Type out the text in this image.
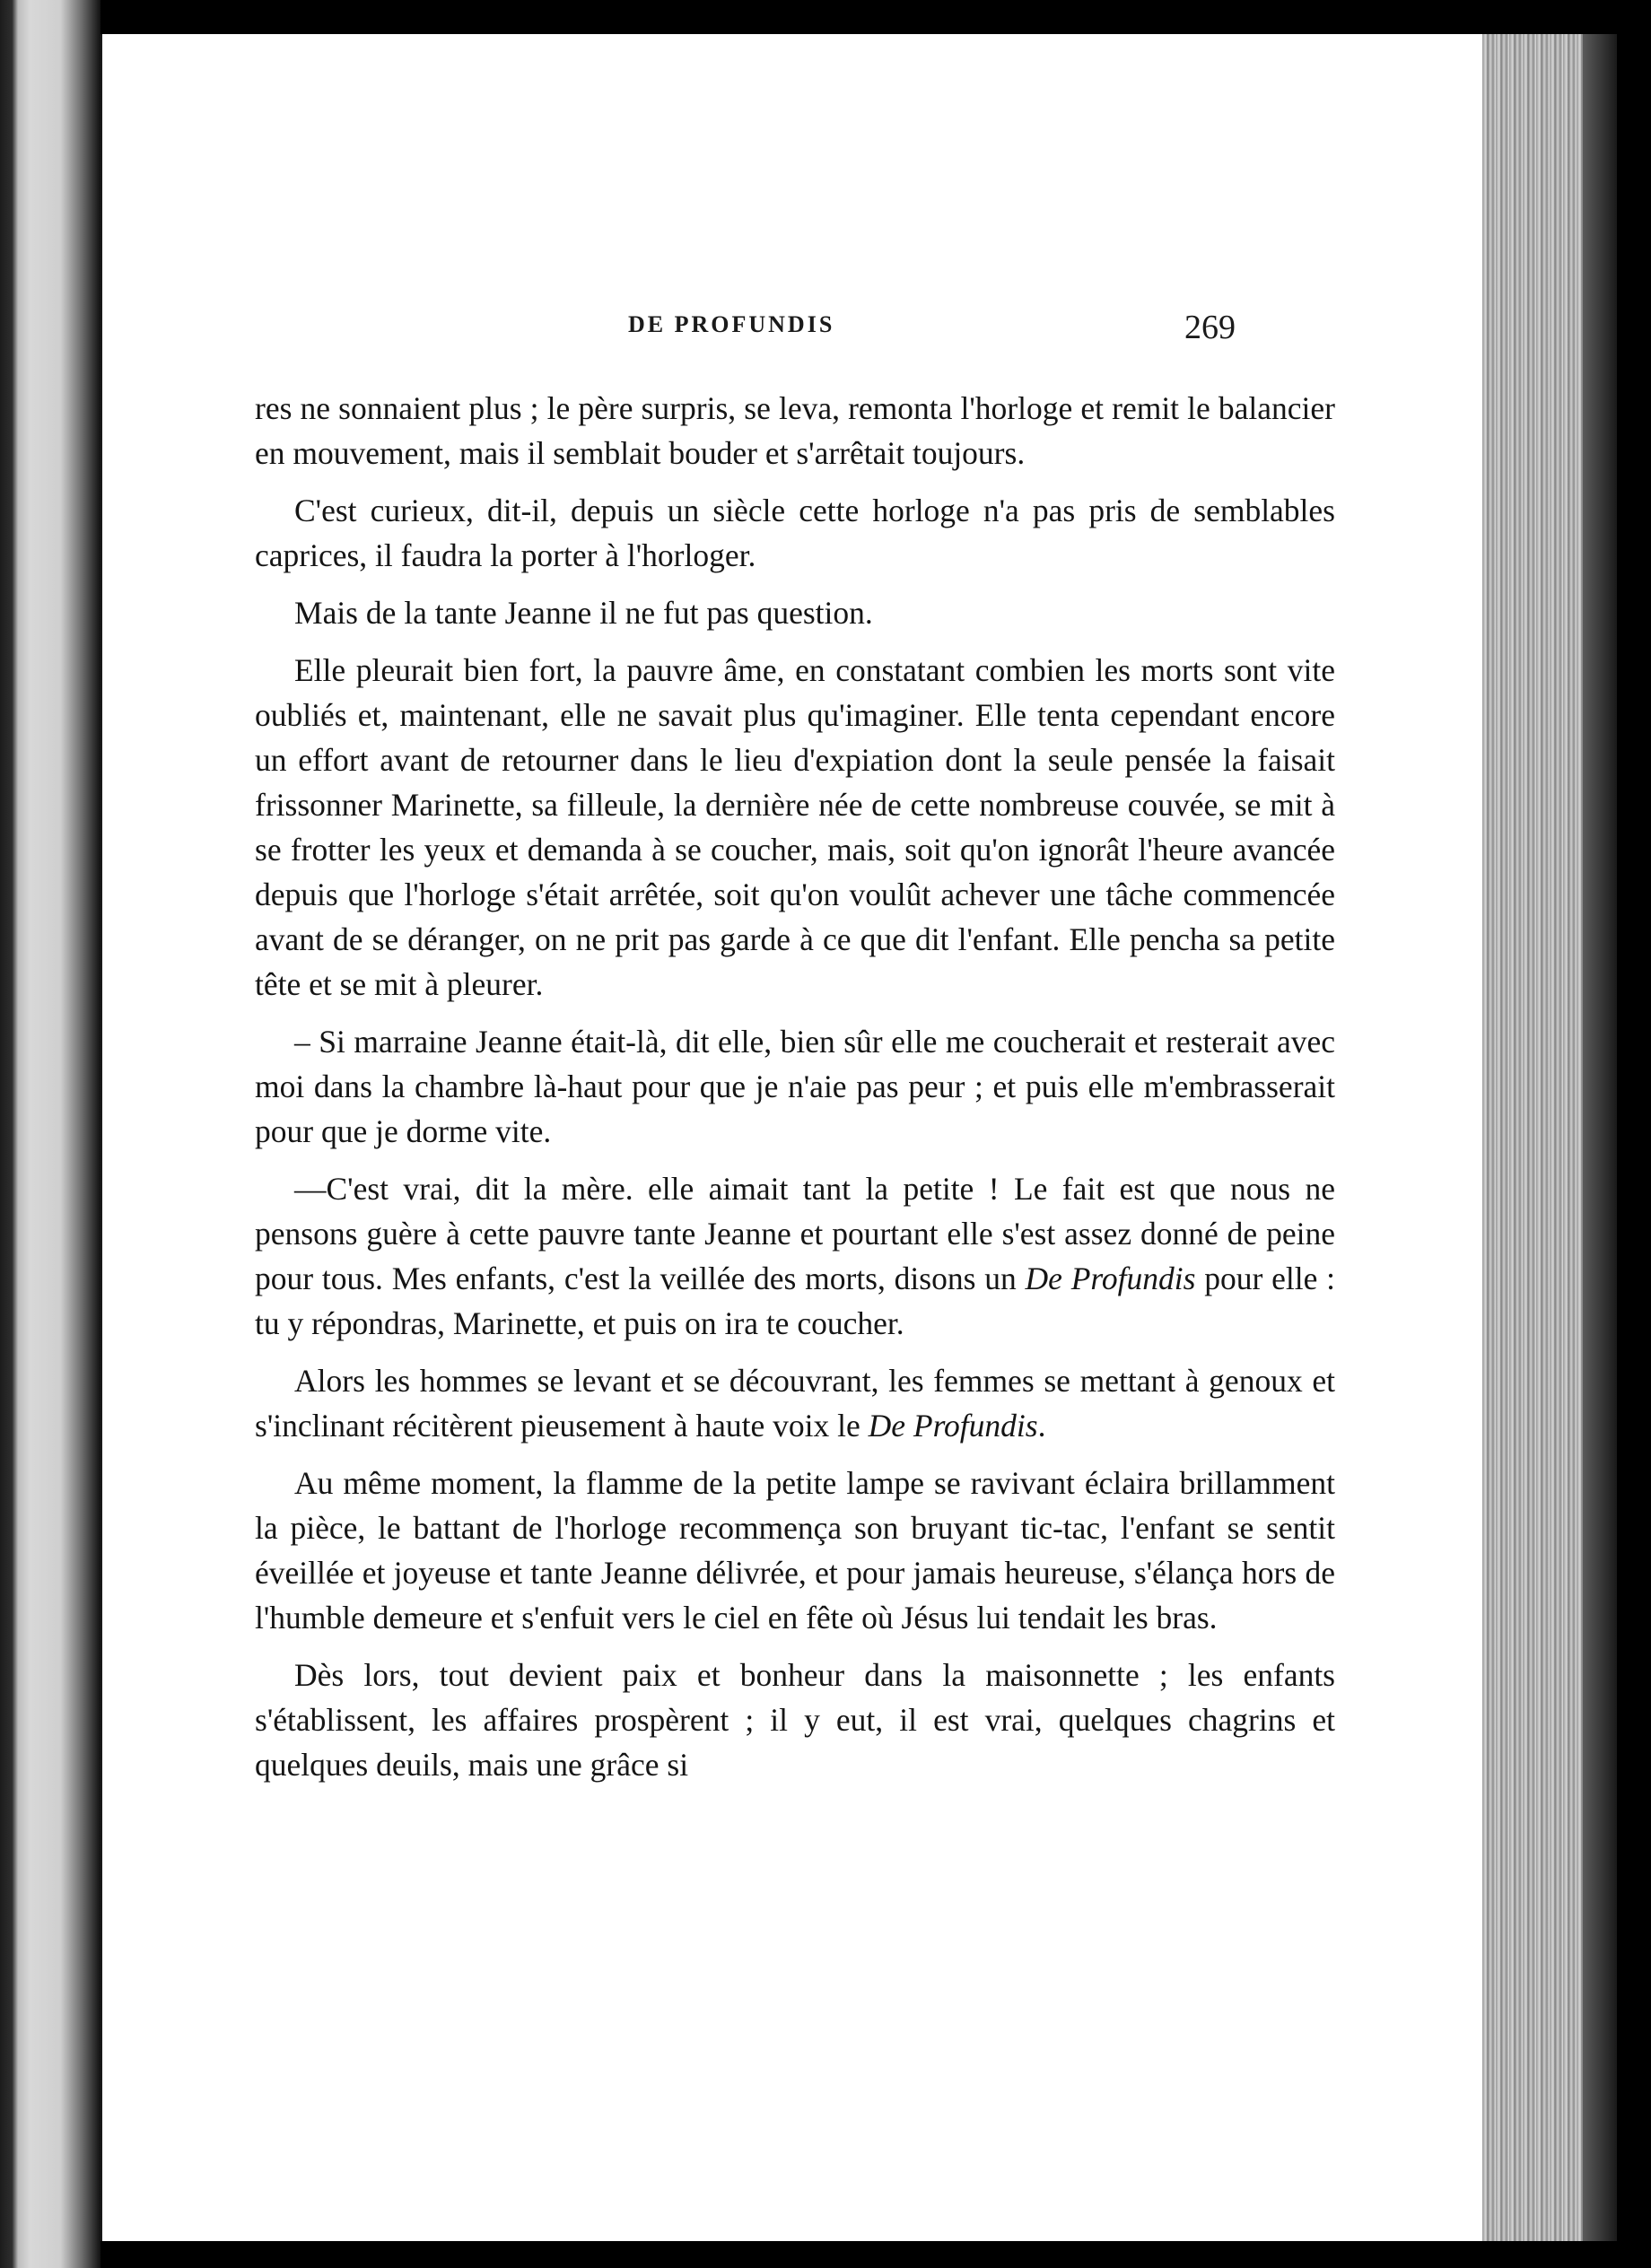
DE PROFUNDIS	269

res ne sonnaient plus ; le père surpris, se leva, remonta l'horloge et remit le balancier en mouvement, mais il semblait bouder et s'arrêtait toujours.

C'est curieux, dit-il, depuis un siècle cette horloge n'a pas pris de semblables caprices, il faudra la porter à l'horloger.

Mais de la tante Jeanne il ne fut pas question.

Elle pleurait bien fort, la pauvre âme, en constatant combien les morts sont vite oubliés et, maintenant, elle ne savait plus qu'imaginer. Elle tenta cependant encore un effort avant de retourner dans le lieu d'expiation dont la seule pensée la faisait frissonner Marinette, sa filleule, la dernière née de cette nombreuse couvée, se mit à se frotter les yeux et demanda à se coucher, mais, soit qu'on ignorât l'heure avancée depuis que l'horloge s'était arrêtée, soit qu'on voulût achever une tâche commencée avant de se déranger, on ne prit pas garde à ce que dit l'enfant. Elle pencha sa petite tête et se mit à pleurer.

– Si marraine Jeanne était-là, dit elle, bien sûr elle me coucherait et resterait avec moi dans la chambre là-haut pour que je n'aie pas peur ; et puis elle m'embrasserait pour que je dorme vite.

—C'est vrai, dit la mère. elle aimait tant la petite ! Le fait est que nous ne pensons guère à cette pauvre tante Jeanne et pourtant elle s'est assez donné de peine pour tous. Mes enfants, c'est la veillée des morts, disons un De Profundis pour elle : tu y répondras, Marinette, et puis on ira te coucher.

Alors les hommes se levant et se découvrant, les femmes se mettant à genoux et s'inclinant récitèrent pieusement à haute voix le De Profundis.

Au même moment, la flamme de la petite lampe se ravivant éclaira brillamment la pièce, le battant de l'horloge recommença son bruyant tic-tac, l'enfant se sentit éveillée et joyeuse et tante Jeanne délivrée, et pour jamais heureuse, s'élança hors de l'humble demeure et s'enfuit vers le ciel en fête où Jésus lui tendait les bras.

Dès lors, tout devient paix et bonheur dans la maisonnette ; les enfants s'établissent, les affaires prospèrent ; il y eut, il est vrai, quelques chagrins et quelques deuils, mais une grâce si
